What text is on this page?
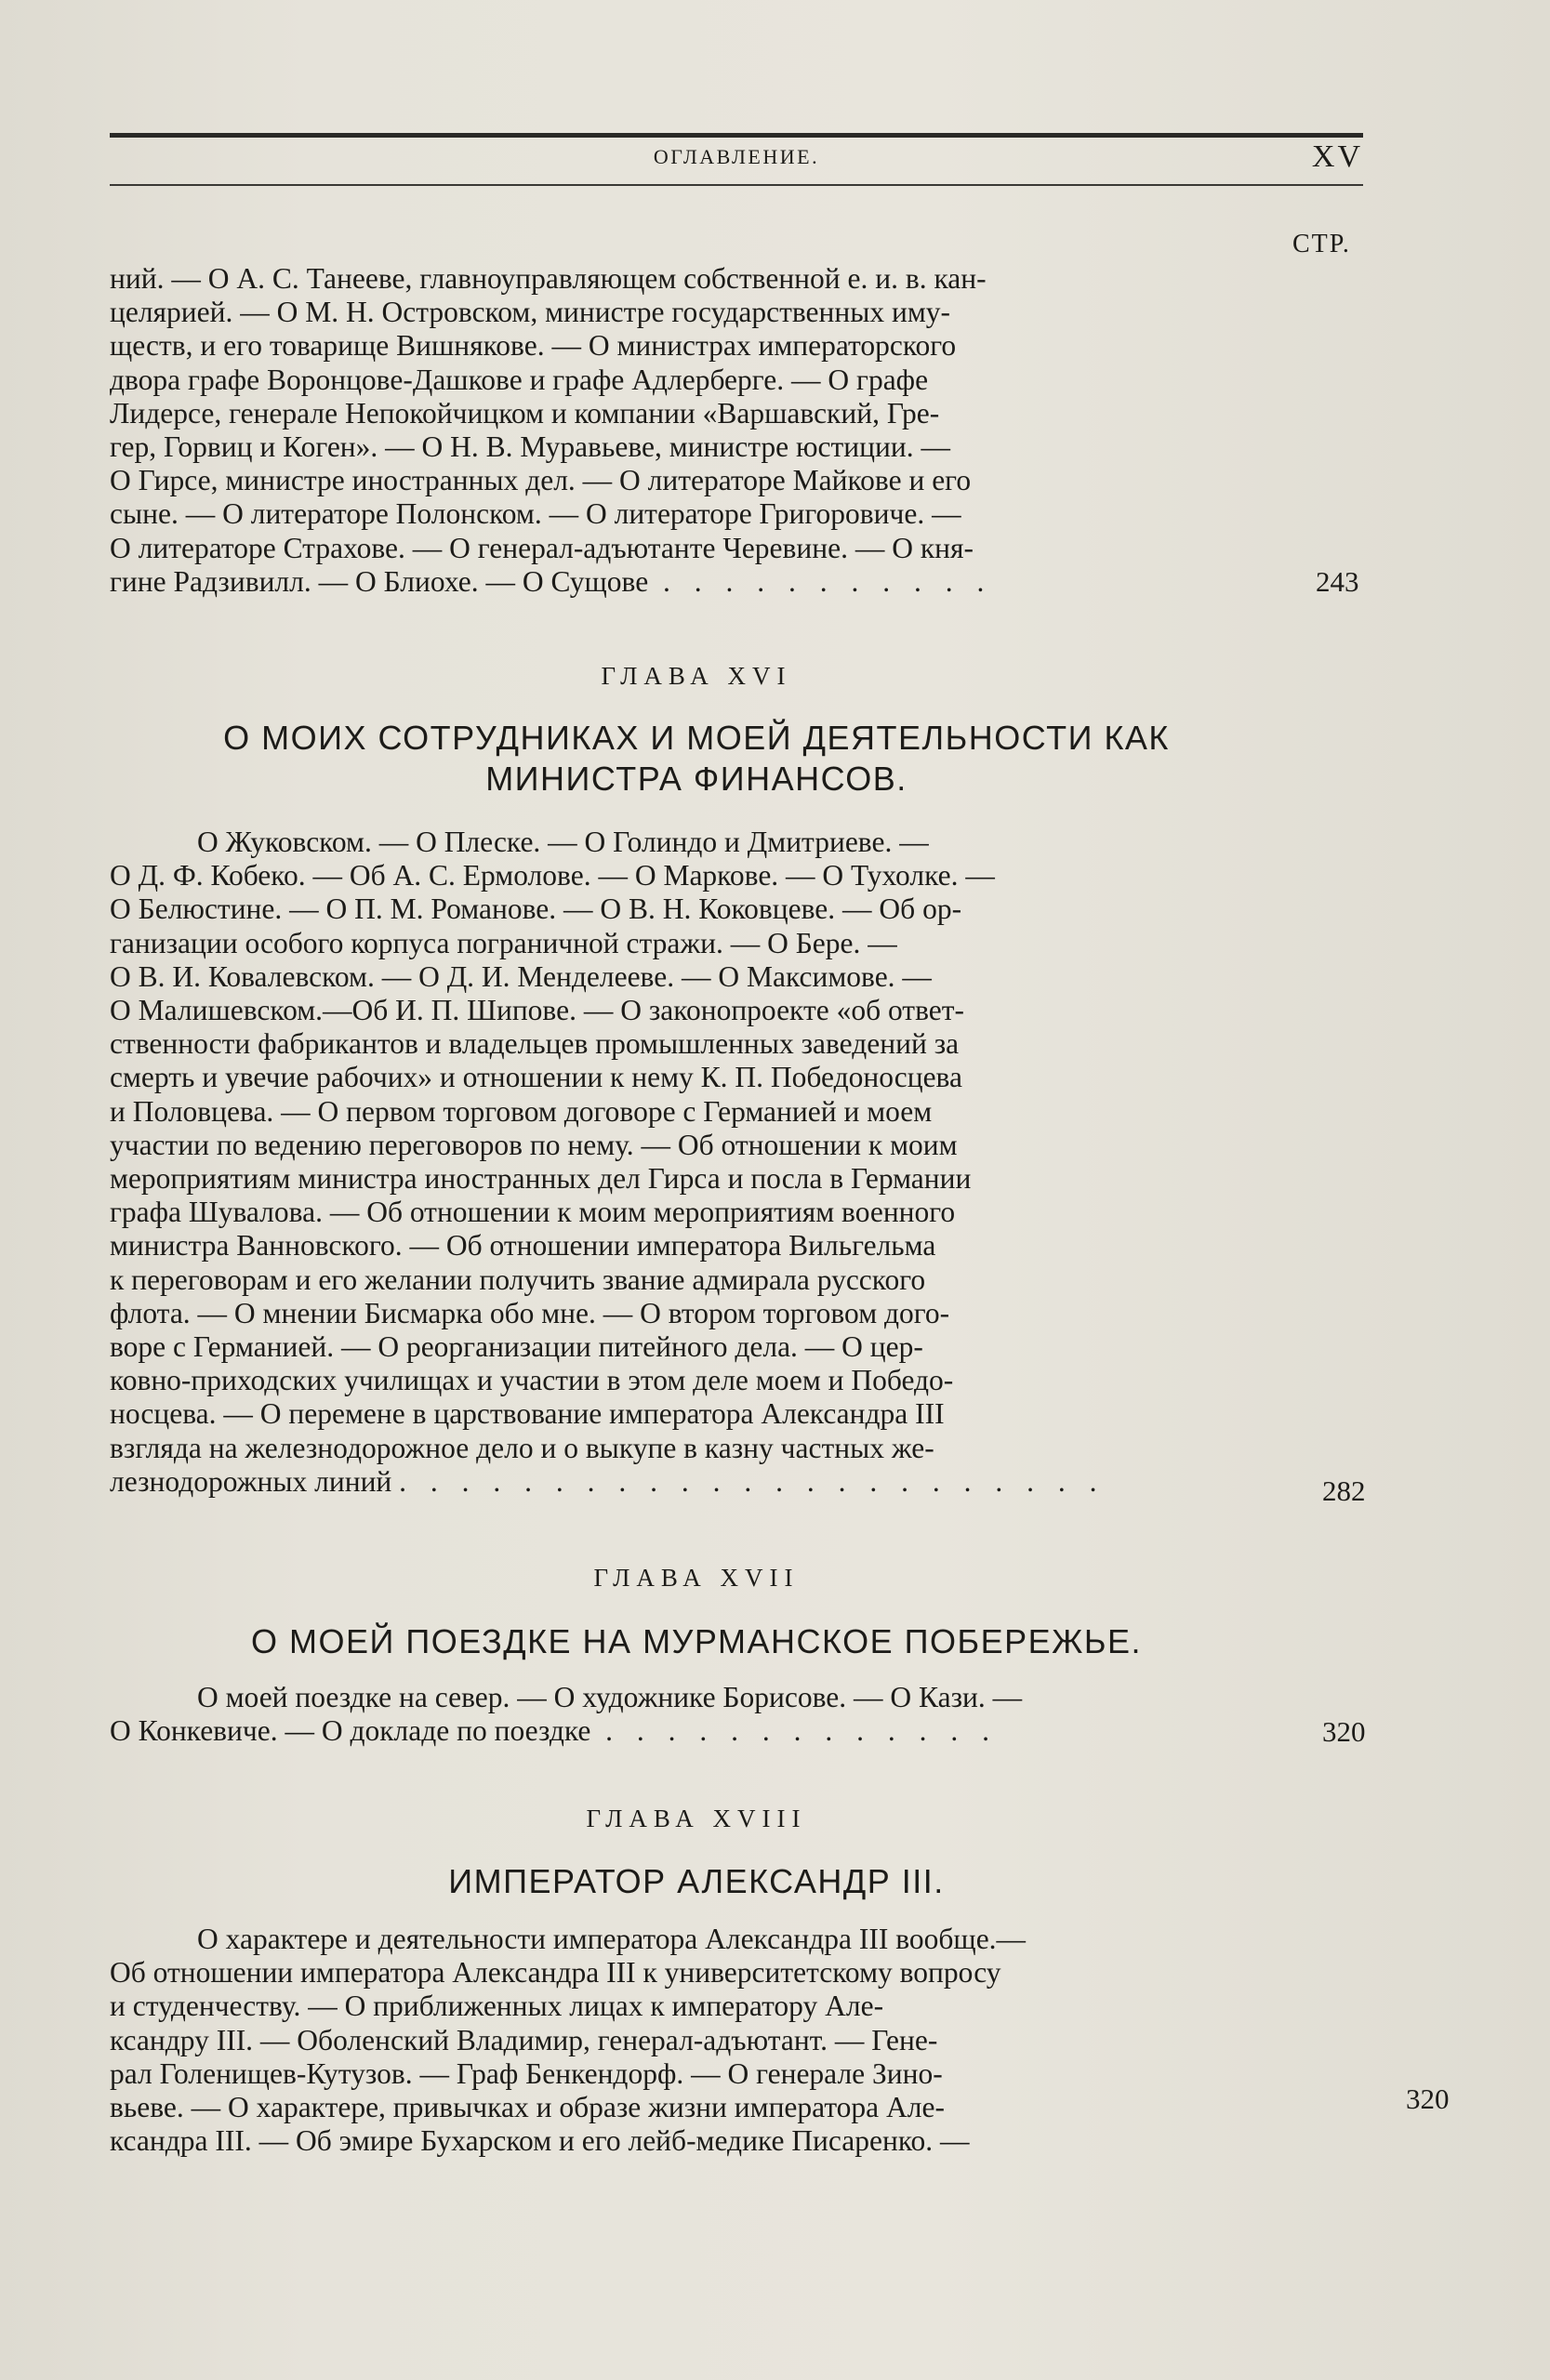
ОГЛАВЛЕНИЕ.	XV
СТР.
ний. — О А. С. Танееве, главноуправляющем собственной е. и. в. кан-
целярией. — О М. Н. Островском, министре государственных иму-
ществ, и его товарище Вишнякове. — О министрах императорского
двора графе Воронцове-Дашкове и графе Адлерберге. — О графе
Лидерсе, генерале Непокойчицком и компании «Варшавский, Гре-
гер, Горвиц и Коген». — О Н. В. Муравьеве, министре юстиции. —
О Гирсе, министре иностранных дел. — О литераторе Майкове и его
сыне. — О литераторе Полонском. — О литераторе Григоровиче. —
О литераторе Страхове. — О генерал-адъютанте Черевине. — О кня-
гине Радзивилл. — О Блиохе. — О Сущове . . . . . . . . . . .	243
ГЛАВА XVI
О МОИХ СОТРУДНИКАХ И МОЕЙ ДЕЯТЕЛЬНОСТИ КАК
МИНИСТРА ФИНАНСОВ.
О Жуковском. — О Плеске. — О Голиндо и Дмитриеве. —
О Д. Ф. Кобеко. — Об А. С. Ермолове. — О Маркове. — О Тухолке. —
О Белюстине. — О П. М. Романове. — О В. Н. Коковцеве. — Об ор-
ганизации особого корпуса пограничной стражи. — О Бере. —
О В. И. Ковалевском. — О Д. И. Менделееве. — О Максимове. —
О Малишевском.—Об И. П. Шипове. — О законопроекте «об ответ-
ственности фабрикантов и владельцев промышленных заведений за
смерть и увечие рабочих» и отношении к нему К. П. Победоносцева
и Половцева. — О первом торговом договоре с Германией и моем
участии по ведению переговоров по нему. — Об отношении к моим
мероприятиям министра иностранных дел Гирса и посла в Германии
графа Шувалова. — Об отношении к моим мероприятиям военного
министра Ванновского. — Об отношении императора Вильгельма
к переговорам и его желании получить звание адмирала русского
флота. — О мнении Бисмарка обо мне. — О втором торговом дого-
воре с Германией. — О реорганизации питейного дела. — О цер-
ковно-приходских училищах и участии в этом деле моем и Победо-
носцева. — О перемене в царствование императора Александра III
взгляда на железнодорожное дело и о выкупе в казну частных же-
лезнодорожных линий . . . . . . . . . . . . . . . . . . . . . . .	282
ГЛАВА XVII
О МОЕЙ ПОЕЗДКЕ НА МУРМАНСКОЕ ПОБЕРЕЖЬЕ.
О моей поездке на север. — О художнике Борисове. — О Кази. —
О Конкевиче. — О докладе по поездке . . . . . . . . . . . . .	320
ГЛАВА XVIII
ИМПЕРАТОР АЛЕКСАНДР III.
О характере и деятельности императора Александра III вообще.—
Об отношении императора Александра III к университетскому вопросу
и студенчеству. — О приближенных лицах к императору Але-
ксандру III. — Оболенский Владимир, генерал-адъютант. — Гене-
рал Голенищев-Кутузов. — Граф Бенкендорф. — О генерале Зино-
вьеве. — О характере, привычках и образе жизни императора Але-
ксандра III. — Об эмире Бухарском и его лейб-медике Писаренко. —
320
